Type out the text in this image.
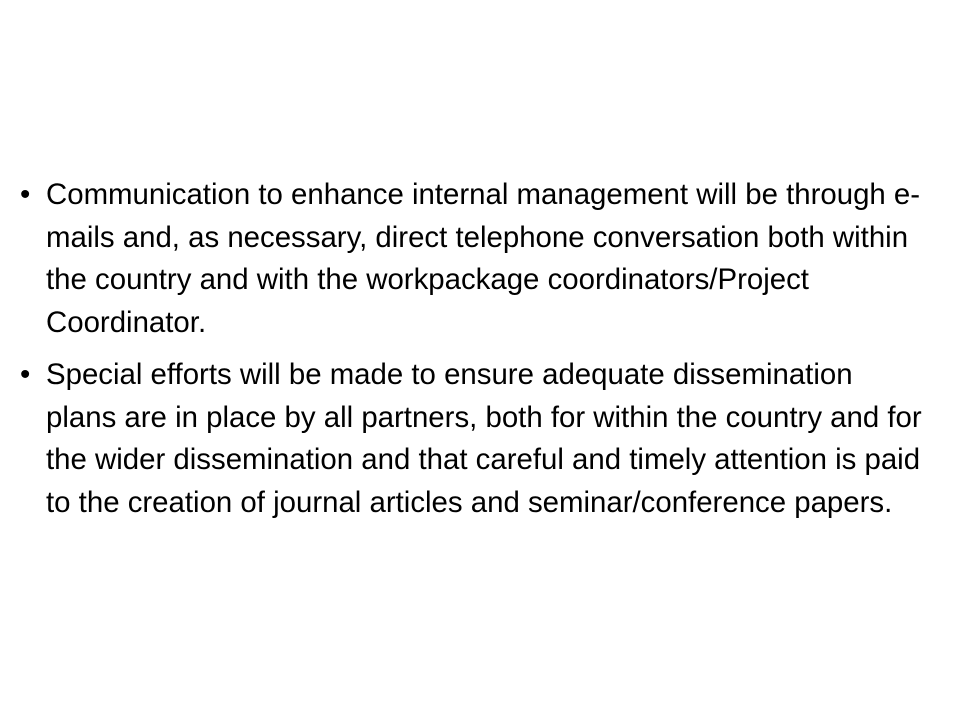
• Communication to enhance internal management will be through e-mails and, as necessary, direct telephone conversation both within the country and with the workpackage coordinators/Project Coordinator.
• Special efforts will be made to ensure adequate dissemination plans are in place by all partners, both for within the country and for the wider dissemination and that careful and timely attention is paid to the creation of journal articles and seminar/conference papers.
